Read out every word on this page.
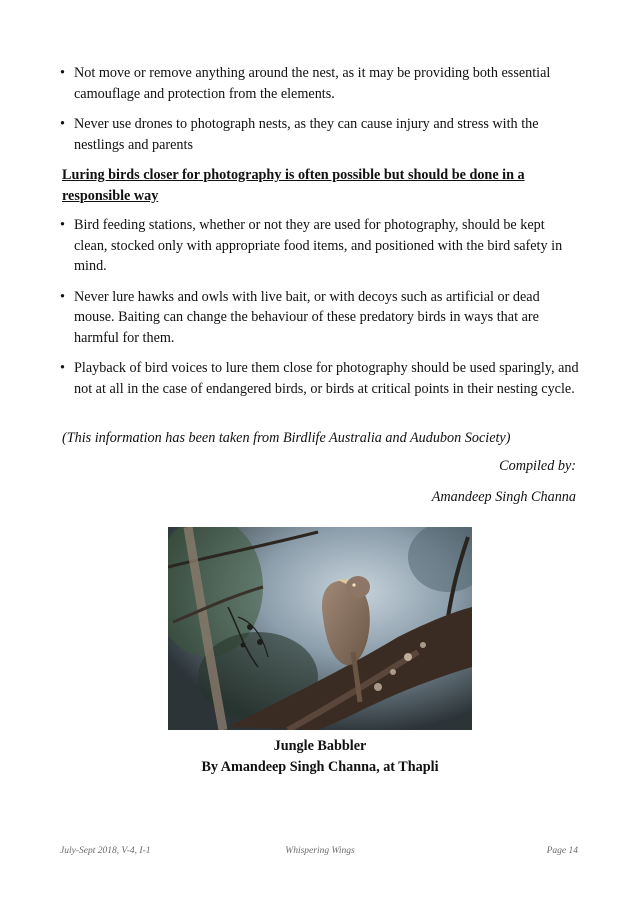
• Not move or remove anything around the nest, as it may be providing both essential camouflage and protection from the elements.
• Never use drones to photograph nests, as they can cause injury and stress with the nestlings and parents

Luring birds closer for photography is often possible but should be done in a responsible way

• Bird feeding stations, whether or not they are used for photography, should be kept clean, stocked only with appropriate food items, and positioned with the bird safety in mind.
• Never lure hawks and owls with live bait, or with decoys such as artificial or dead mouse. Baiting can change the behaviour of these predatory birds in ways that are harmful for them.
• Playback of bird voices to lure them close for photography should be used sparingly, and not at all in the case of endangered birds, or birds at critical points in their nesting cycle.

(This information has been taken from Birdlife Australia and Audubon Society)

Compiled by:

Amandeep Singh Channa

Jungle Babbler

By Amandeep Singh Channa, at Thapli

July-Sept 2018, V-4, I-1	Whispering Wings	Page 14
